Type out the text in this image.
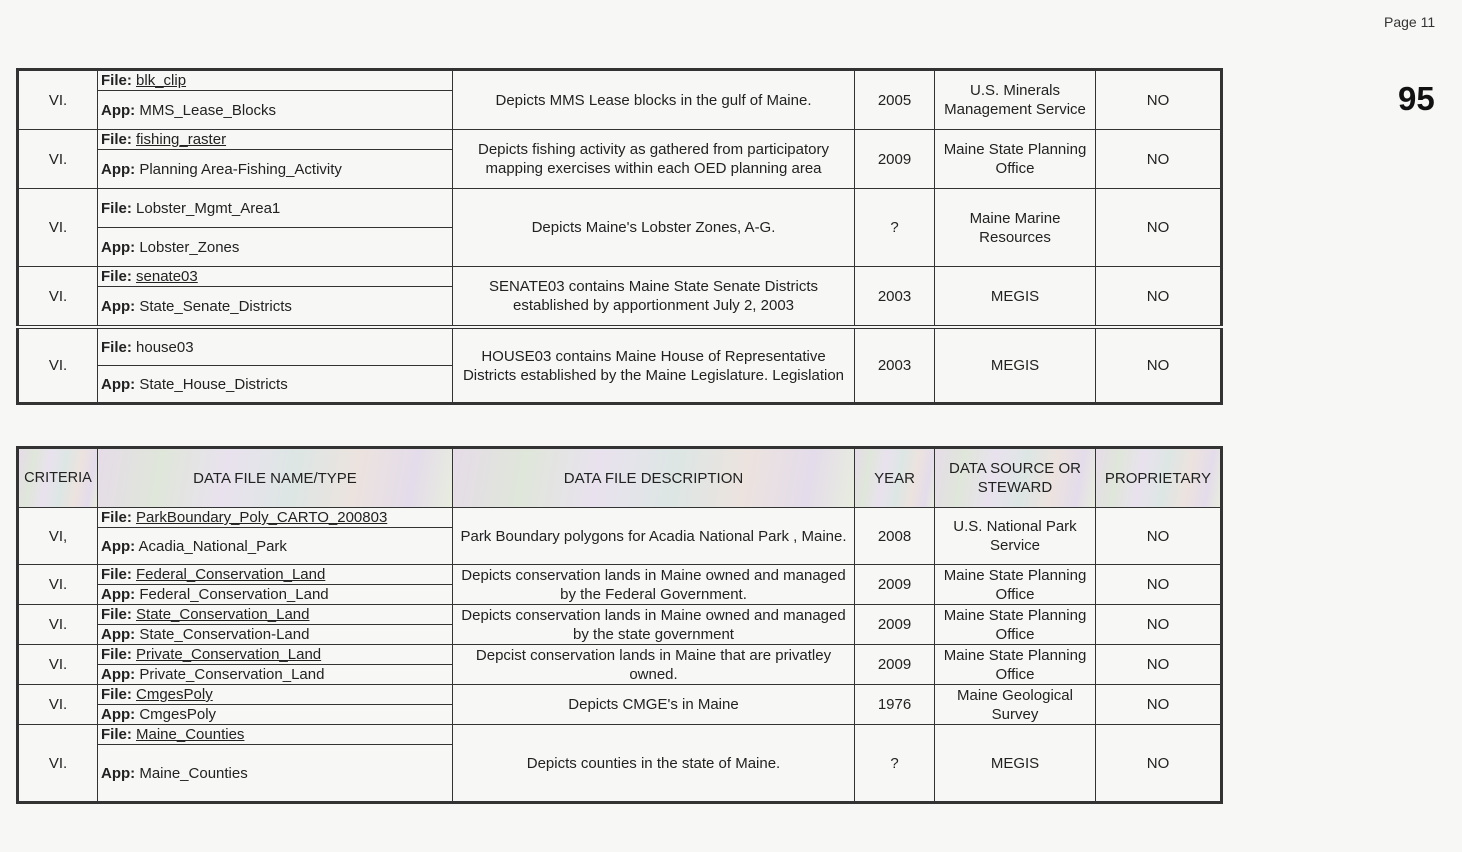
Page 11
95
VI.	File: blk_clip	Depicts MMS Lease blocks in the gulf of Maine.	2005	U.S. Minerals Management Service	NO
	App: MMS_Lease_Blocks				
VI.	File: fishing_raster	Depicts fishing activity as gathered from participatory mapping exercises within each OED planning area	2009	Maine State Planning Office	NO
	App: Planning Area-Fishing_Activity				
VI.	File: Lobster_Mgmt_Area1	Depicts Maine's Lobster Zones, A-G.	?	Maine Marine Resources	NO
	App: Lobster_Zones				
VI.	File: senate03	SENATE03 contains Maine State Senate Districts established by apportionment July 2, 2003	2003	MEGIS	NO
	App: State_Senate_Districts				
VI.	File: house03	HOUSE03 contains Maine House of Representative Districts established by the Maine Legislature. Legislation	2003	MEGIS	NO
	App: State_House_Districts				
CRITERIA	DATA FILE NAME/TYPE	DATA FILE DESCRIPTION	YEAR	DATA SOURCE OR STEWARD	PROPRIETARY
VI,	File: ParkBoundary_Poly_CARTO_200803	Park Boundary polygons for Acadia National Park , Maine.	2008	U.S. National Park Service	NO
	App: Acadia_National_Park				
VI.	File: Federal_Conservation_Land	Depicts conservation lands in Maine owned and managed by the Federal Government.	2009	Maine State Planning Office	NO
	App: Federal_Conservation_Land				
VI.	File: State_Conservation_Land	Depicts conservation lands in Maine owned and managed by the state government	2009	Maine State Planning Office	NO
	App: State_Conservation-Land				
VI.	File: Private_Conservation_Land	Depcist conservation lands in Maine that are privatley owned.	2009	Maine State Planning Office	NO
	App: Private_Conservation_Land				
VI.	File: CmgesPoly	Depicts CMGE's in Maine	1976	Maine Geological Survey	NO
	App: CmgesPoly				
VI.	File: Maine_Counties	Depicts counties in the state of Maine.	?	MEGIS	NO
	App: Maine_Counties				
